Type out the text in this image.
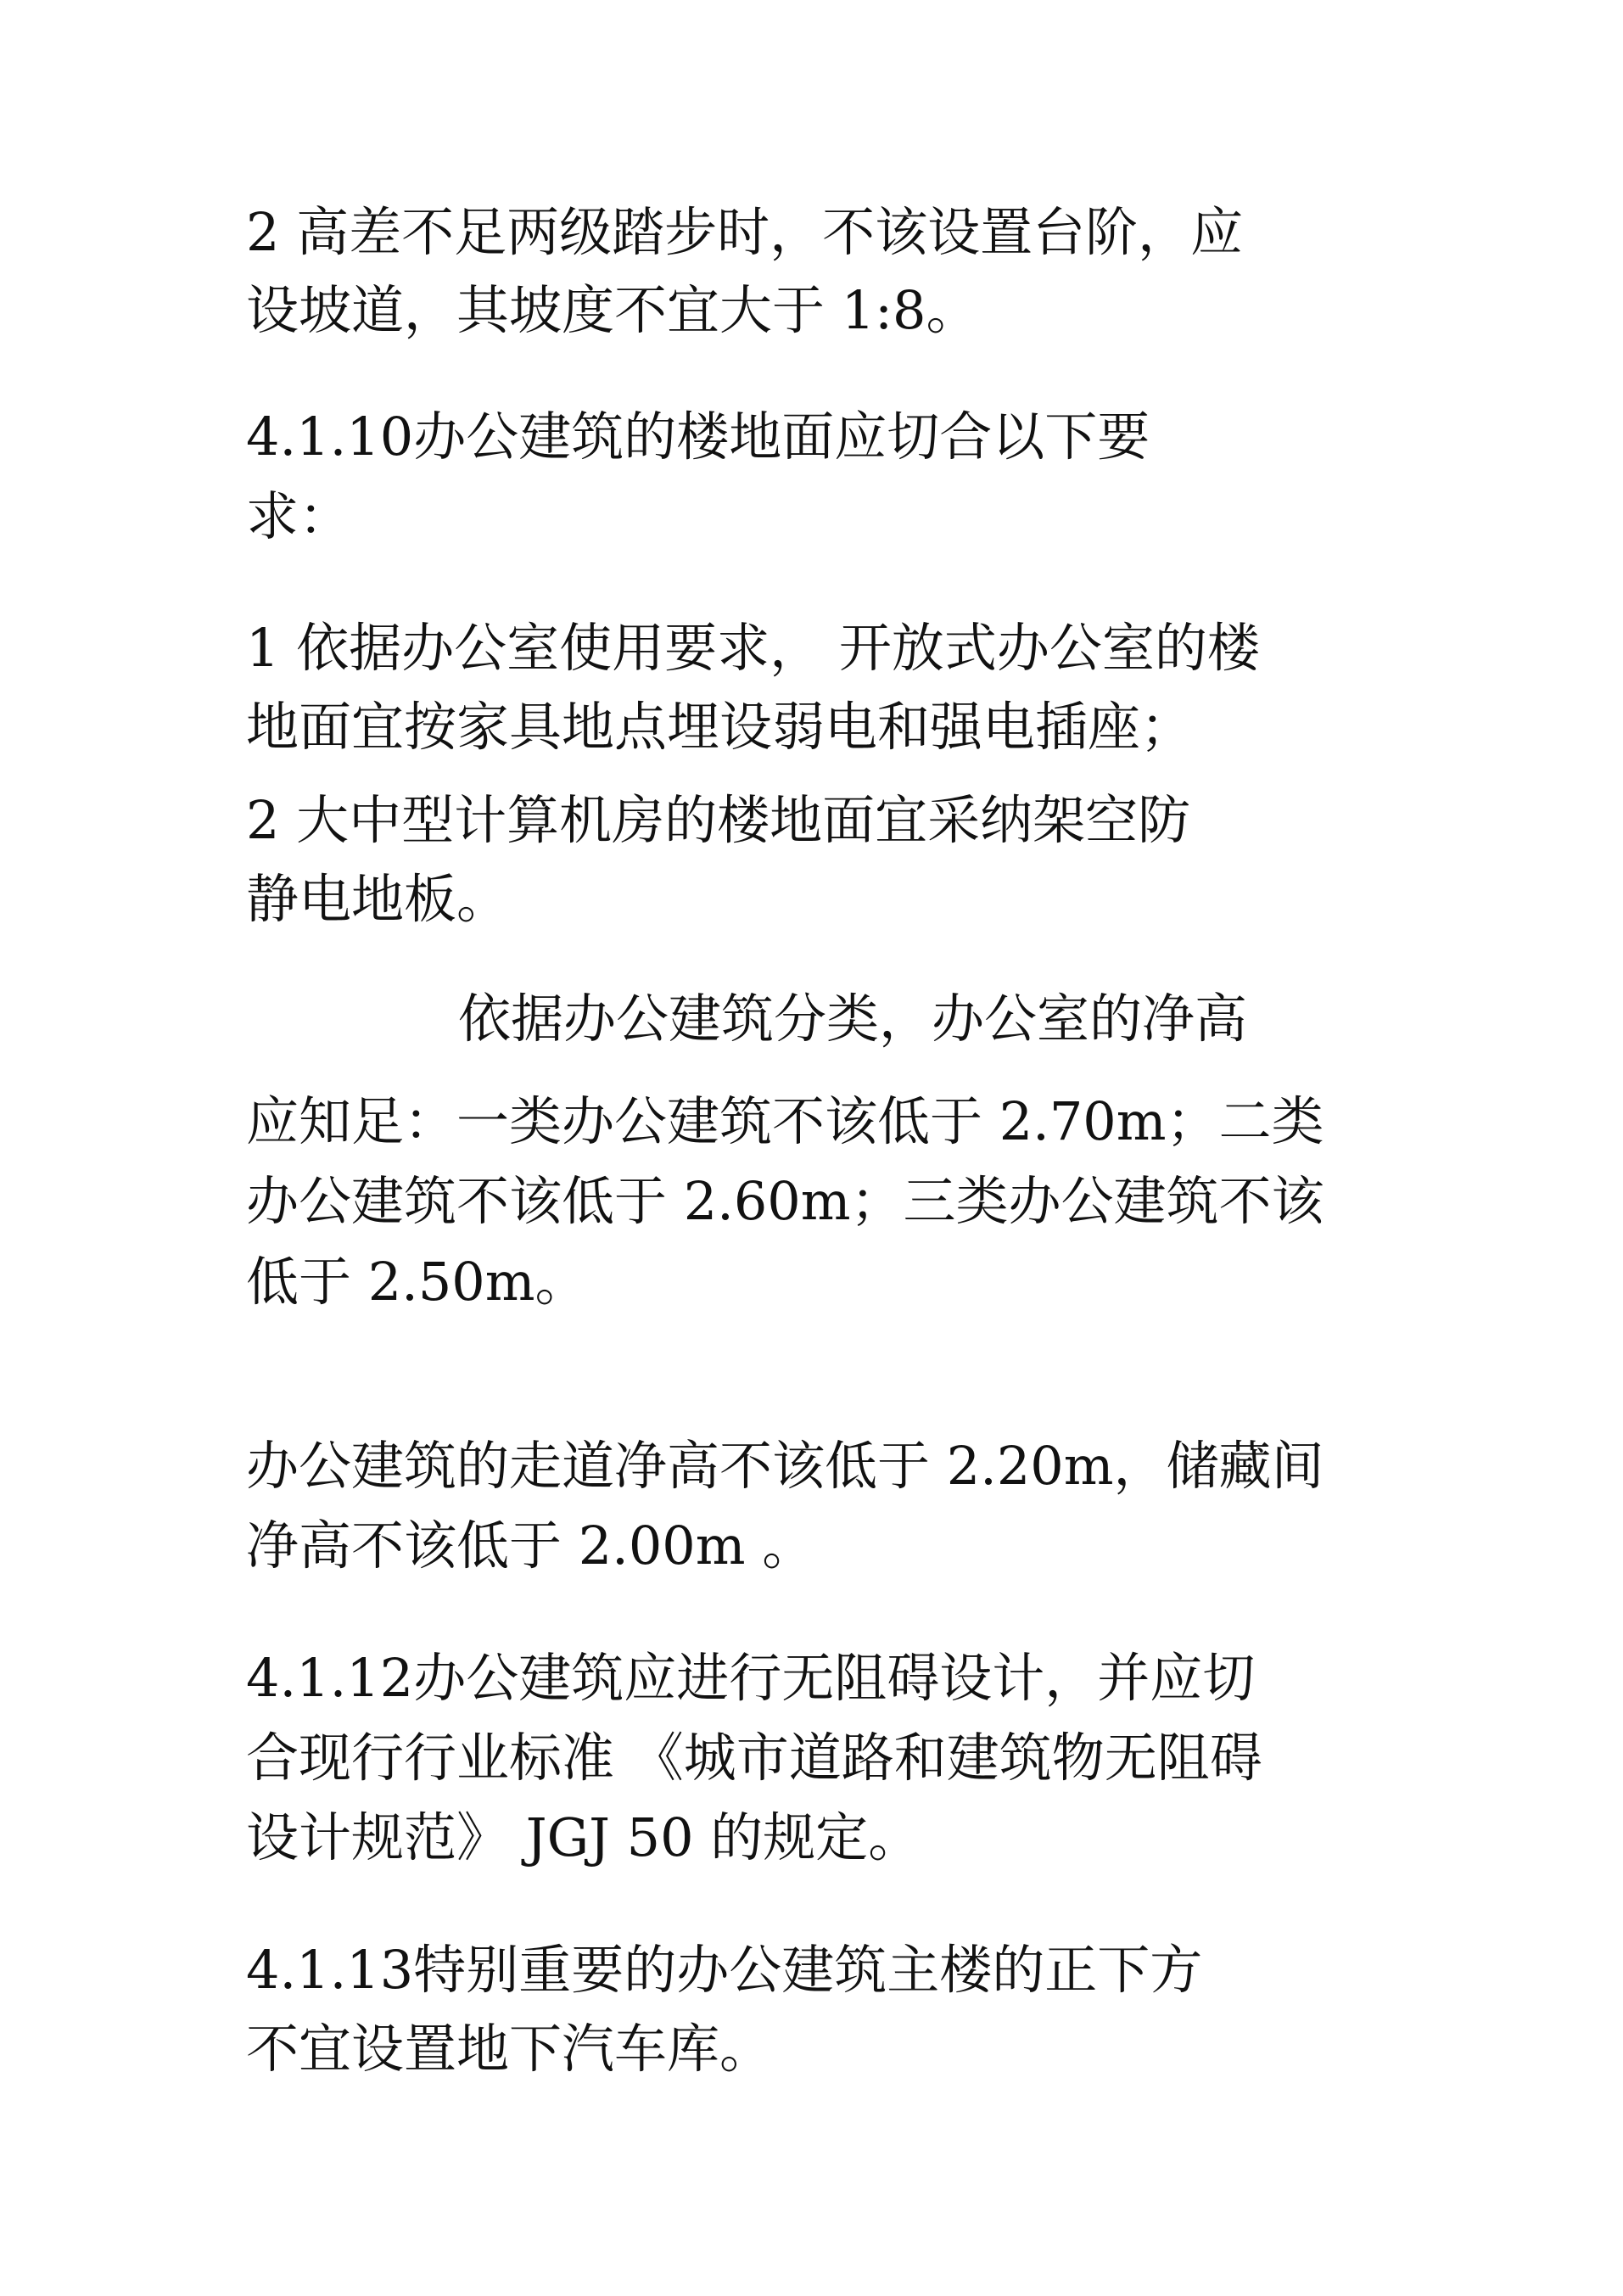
2 高差不足两级踏步时，不该设置台阶，应

设坡道，其坡度不宜大于 1:8。

4.1.10办公建筑的楼地面应切合以下要

求：

1 依据办公室使用要求， 开放式办公室的楼

地面宜按家具地点埋设弱电和强电插座；

2 大中型计算机房的楼地面宜采纳架空防

静电地板。

依据办公建筑分类，办公室的净高

应知足：一类办公建筑不该低于 2.70m；二类

办公建筑不该低于 2.60m；三类办公建筑不该

低于 2.50m。

办公建筑的走道净高不该低于 2.20m，储藏间

净高不该低于 2.00m 。

4.1.12办公建筑应进行无阻碍设计，并应切

合现行行业标准 《城市道路和建筑物无阻碍

设计规范》 JGJ 50 的规定。

4.1.13特别重要的办公建筑主楼的正下方

不宜设置地下汽车库。
